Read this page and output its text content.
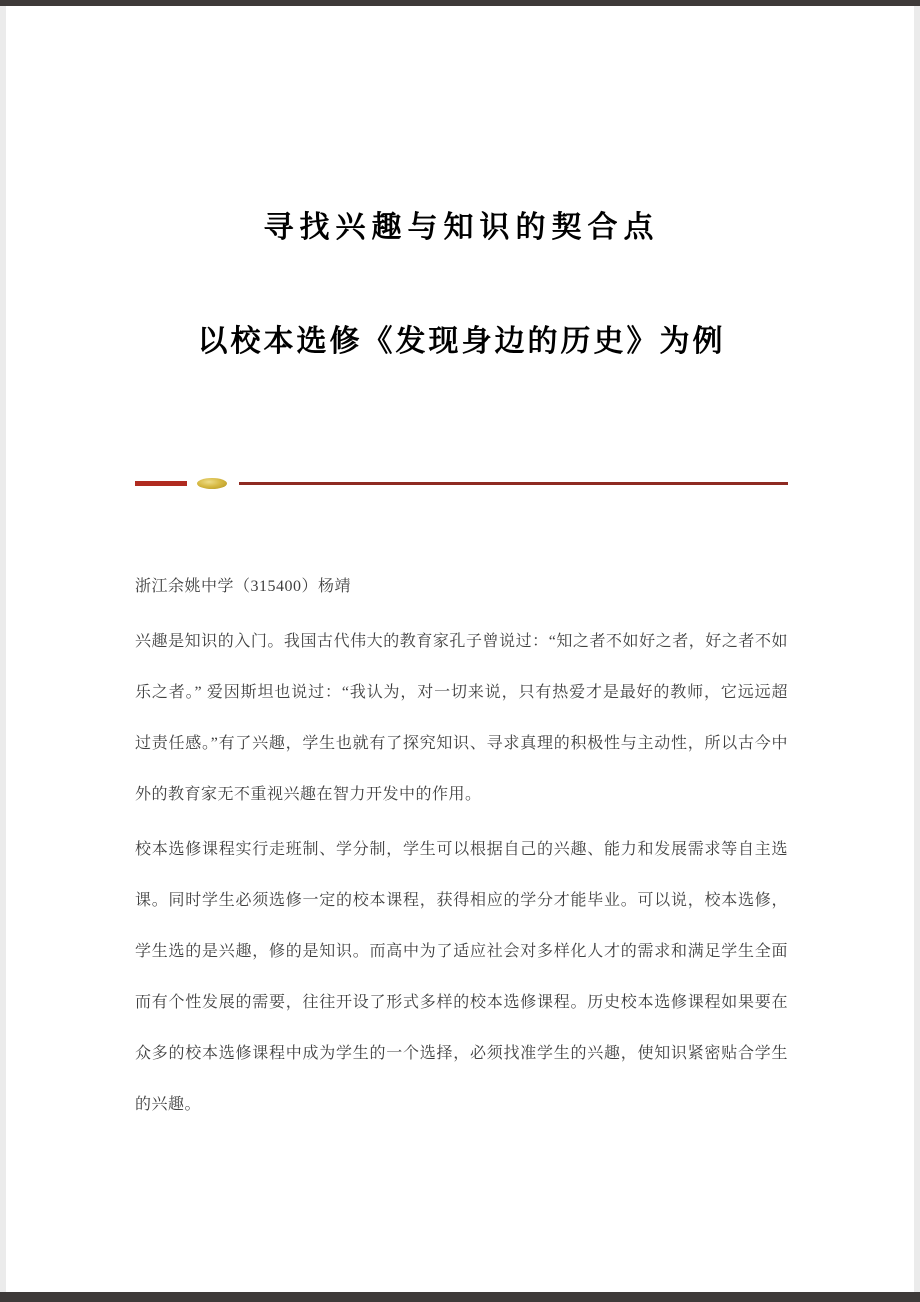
寻找兴趣与知识的契合点
以校本选修《发现身边的历史》为例

浙江余姚中学（315400）杨靖

兴趣是知识的入门。我国古代伟大的教育家孔子曾说过：“知之者不如好之者，好之者不如乐之者。” 爱因斯坦也说过：“我认为，对一切来说，只有热爱才是最好的教师，它远远超过责任感。”有了兴趣，学生也就有了探究知识、寻求真理的积极性与主动性，所以古今中外的教育家无不重视兴趣在智力开发中的作用。

校本选修课程实行走班制、学分制，学生可以根据自己的兴趣、能力和发展需求等自主选课。同时学生必须选修一定的校本课程，获得相应的学分才能毕业。可以说，校本选修，学生选的是兴趣，修的是知识。而高中为了适应社会对多样化人才的需求和满足学生全面而有个性发展的需要，往往开设了形式多样的校本选修课程。历史校本选修课程如果要在众多的校本选修课程中成为学生的一个选择，必须找准学生的兴趣，使知识紧密贴合学生的兴趣。
